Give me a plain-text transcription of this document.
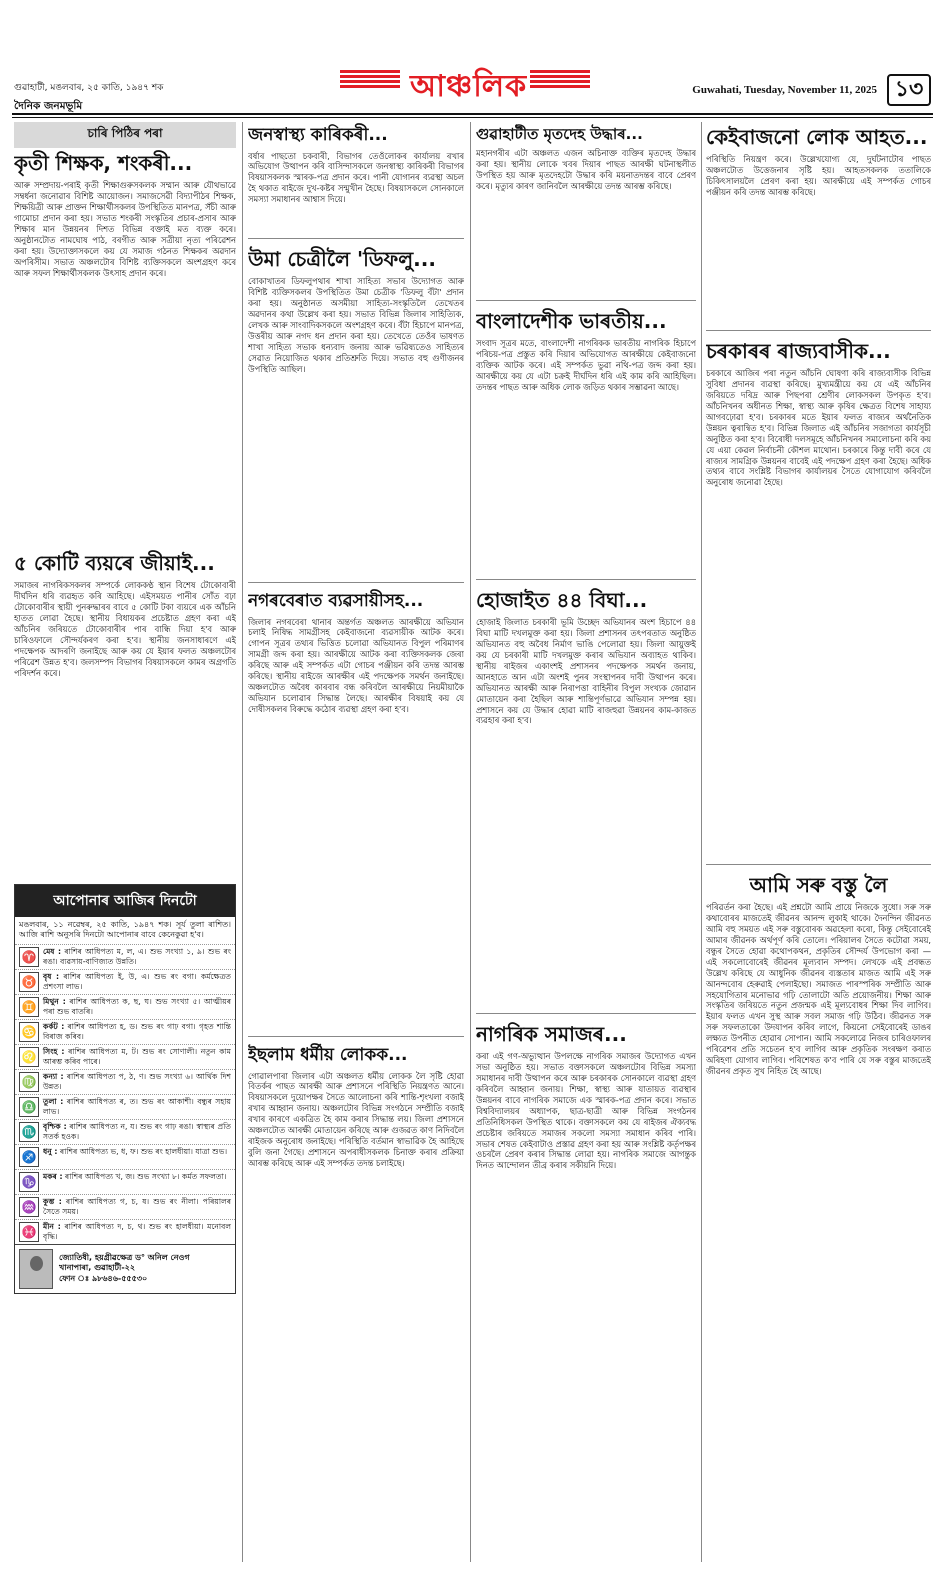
গুৱাহাটী, মঙলবাৰ, ২৫ কাতি, ১৯৪৭ শক
দৈনিক জনমভূমি
আঞ্চলিক	Guwahati, Tuesday, November 11, 2025 ১৩
চাৰি পিঠিৰ পৰা
কৃতী শিক্ষক, শংকৰী...
আৰু সম্প্ৰদায়-পৰাই কৃতী শিক্ষাগুৰুসকলক সম্মান আৰু যৌথভাৱে সম্বৰ্ধনা জনোৱাৰ বিশিষ্ট আয়োজন। সমাজসেৱী বিদ্যাপীঠৰ শিক্ষক, শিক্ষয়িত্ৰী আৰু প্ৰাক্তন শিক্ষাৰ্থীসকলৰ উপস্থিতিত মানপত্ৰ, সঁচী আৰু গামোচা প্ৰদান কৰা হয়। সভাত শংকৰী সংস্কৃতিৰ প্ৰচাৰ-প্ৰসাৰ আৰু শিক্ষাৰ মান উন্নয়নৰ দিশত বিভিন্ন বক্তাই মত ব্যক্ত কৰে। অনুষ্ঠানটোত নামঘোষ পাঠ, বৰগীত আৰু সত্ৰীয়া নৃত্য পৰিৱেশন কৰা হয়। উদ্যোক্তাসকলে কয় যে সমাজ গঠনত শিক্ষকৰ অৱদান অপৰিসীম। সভাত অঞ্চলটোৰ বিশিষ্ট ব্যক্তিসকলে অংশগ্ৰহণ কৰে আৰু সফল শিক্ষাৰ্থীসকলক উৎসাহ প্ৰদান কৰে।
৫ কোটি ব্যয়ৰে জীয়াই...
সমাজৰ নাগৰিকসকলৰ সম্পৰ্কে লোককণ্ঠ স্থান বিশেষ টোকোবাৰী দীৰ্ঘদিন ধৰি ব্যৱহৃত কৰি আহিছে। এইসময়ত পানীৰ সোঁত বঢ়া টোকোবাৰীৰ স্থায়ী পুনৰুদ্ধাৰৰ বাবে ৫ কোটি টকা ব্যয়ৰে এক আঁচনি হাতত লোৱা হৈছে। স্থানীয় বিধায়কৰ প্ৰচেষ্টাত গ্ৰহণ কৰা এই আঁচনিৰ জৰিয়তে টোকোবাৰীৰ পাৰ বান্ধি দিয়া হ'ব আৰু চাৰিওফালে সৌন্দৰ্যকৰণ কৰা হ'ব। স্থানীয় জনসাধাৰণে এই পদক্ষেপক আদৰণি জনাইছে আৰু কয় যে ইয়াৰ ফলত অঞ্চলটোৰ পৰিৱেশ উন্নত হ'ব। জলসম্পদ বিভাগৰ বিষয়াসকলে কামৰ অগ্ৰগতি পৰিদৰ্শন কৰে।
আপোনাৰ আজিৰ দিনটো
মঙলবাৰ, ১১ নৱেম্বৰ, ২৫ কাতি, ১৯৪৭ শক। সূৰ্য তুলা ৰাশিত। আজি ৰাশি অনুসৰি দিনটো আপোনাৰ বাবে কেনেকুৱা হ'ব।
♈ মেষ : ৰাশিৰ আধিপত্য ম, ল, এ। শুভ সংখ্যা ১, ৯। শুভ ৰং ৰঙা। ব্যৱসায়-বাণিজ্যত উন্নতি।
♉ বৃষ : ৰাশিৰ আধিপত্য ই, উ, এ। শুভ ৰং বগা। কৰ্মক্ষেত্ৰত প্ৰশংসা লাভ।
♊ মিথুন : ৰাশিৰ আধিপত্য ক, ছ, ঘ। শুভ সংখ্যা ৫। আত্মীয়ৰ পৰা শুভ বাতৰি।
♋ কৰ্কট : ৰাশিৰ আধিপত্য হ, ড। শুভ ৰং গাঢ় বগা। গৃহত শান্তি বিৰাজ কৰিব।
♌ সিংহ : ৰাশিৰ আধিপত্য ম, ট। শুভ ৰং সোণালী। নতুন কাম আৰম্ভ কৰিব পাৰে।
♍ কন্যা : ৰাশিৰ আধিপত্য প, ঠ, ণ। শুভ সংখ্যা ৬। আৰ্থিক দিশ উন্নত।
♎ তুলা : ৰাশিৰ আধিপত্য ৰ, ত। শুভ ৰং আকাশী। বন্ধুৰ সহায় লাভ।
♏ বৃশ্চিক : ৰাশিৰ আধিপত্য ন, য। শুভ ৰং গাঢ় ৰঙা। স্বাস্থ্যৰ প্ৰতি সতৰ্ক হওক।
♐ ধনু : ৰাশিৰ আধিপত্য ভ, ধ, ফ। শুভ ৰং হালধীয়া। যাত্ৰা শুভ।
♑ মকৰ : ৰাশিৰ আধিপত্য খ, জ। শুভ সংখ্যা ৮। কৰ্মত সফলতা।
♒ কুম্ভ : ৰাশিৰ আধিপত্য গ, চ, ষ। শুভ ৰং নীলা। পৰিয়ালৰ সৈতে সময়।
♓ মীন : ৰাশিৰ আধিপত্য দ, চ, থ। শুভ ৰং হালধীয়া। মনোবল বৃদ্ধি।
জ্যোতিষী, হয়গ্ৰীৱক্ষেত্ৰ ড° অনিল নেওগ
খানাপাৰা, গুৱাহাটী-২২
ফোন ঃ ৯৮৬৪৬-৫৫৫৩০
জনস্বাস্থ্য কাৰিকৰী...
বৰ্ষাৰ পাছতো চকবাৰী, বিভাগৰ তেওঁলোকৰ কাৰ্যালয় ৰখাৰ অভিযোগ উত্থাপন কৰি বাসিন্দাসকলে জনস্বাস্থ্য কাৰিকৰী বিভাগৰ বিষয়াসকলক স্মাৰক-পত্ৰ প্ৰদান কৰে। পানী যোগানৰ ব্যৱস্থা অচল হৈ থকাত ৰাইজে দুখ-কষ্টৰ সন্মুখীন হৈছে। বিষয়াসকলে সোনকালে সমস্যা সমাধানৰ আশ্বাস দিয়ে।
উমা চেত্ৰীলৈ 'ডিফলু...
বোকাখাতৰ ডিফলুপথাৰ শাখা সাহিত্য সভাৰ উদ্যোগত আৰু বিশিষ্ট ব্যক্তিসকলৰ উপস্থিতিত উমা চেত্ৰীক 'ডিফলু বঁটা' প্ৰদান কৰা হয়। অনুষ্ঠানত অসমীয়া সাহিত্য-সংস্কৃতিলৈ তেখেতৰ অৱদানৰ কথা উল্লেখ কৰা হয়। সভাত বিভিন্ন জিলাৰ সাহিত্যিক, লেখক আৰু সাংবাদিকসকলে অংশগ্ৰহণ কৰে। বঁটা হিচাপে মানপত্ৰ, উত্তৰীয় আৰু নগদ ধন প্ৰদান কৰা হয়। তেখেতে তেওঁৰ ভাষণত শাখা সাহিত্য সভাক ধন্যবাদ জনায় আৰু ভৱিষ্যতেও সাহিত্যৰ সেৱাত নিয়োজিত থকাৰ প্ৰতিশ্ৰুতি দিয়ে। সভাত বহু গুণীজনৰ উপস্থিতি আছিল।
নগৰবেৰাত ব্যৱসায়ীসহ...
জিলাৰ নগৰবেৰা থানাৰ অন্তৰ্গত অঞ্চলত আৰক্ষীয়ে অভিযান চলাই নিষিদ্ধ সামগ্ৰীসহ কেইবাজনো ব্যৱসায়ীক আটক কৰে। গোপন সূত্ৰৰ তথ্যৰ ভিত্তিত চলোৱা অভিযানত বিপুল পৰিমাণৰ সামগ্ৰী জব্দ কৰা হয়। আৰক্ষীয়ে আটক কৰা ব্যক্তিসকলক জেৰা কৰিছে আৰু এই সম্পৰ্কত এটা গোচৰ পঞ্জীয়ন কৰি তদন্ত আৰম্ভ কৰিছে। স্থানীয় ৰাইজে আৰক্ষীৰ এই পদক্ষেপক সমৰ্থন জনাইছে। অঞ্চলটোত অবৈধ কাৰবাৰ বন্ধ কৰিবলৈ আৰক্ষীয়ে নিয়মীয়াকৈ অভিযান চলোৱাৰ সিদ্ধান্ত লৈছে। আৰক্ষীৰ বিষয়াই কয় যে দোষীসকলৰ বিৰুদ্ধে কঠোৰ ব্যৱস্থা গ্ৰহণ কৰা হ'ব।
ইছলাম ধৰ্মীয় লোকক...
গোৱালপাৰা জিলাৰ এটা অঞ্চলত ধৰ্মীয় লোকক লৈ সৃষ্টি হোৱা বিতৰ্কৰ পাছত আৰক্ষী আৰু প্ৰশাসনে পৰিস্থিতি নিয়ন্ত্ৰণত আনে। বিষয়াসকলে দুয়োপক্ষৰ সৈতে আলোচনা কৰি শান্তি-শৃংখলা বজাই ৰখাৰ আহ্বান জনায়। অঞ্চলটোৰ বিভিন্ন সংগঠনে সম্প্ৰীতি বজাই ৰখাৰ কাৰণে একত্ৰিত হৈ কাম কৰাৰ সিদ্ধান্ত লয়। জিলা প্ৰশাসনে অঞ্চলটোত আৰক্ষী মোতায়েন কৰিছে আৰু গুজৱত কাণ নিদিবলৈ ৰাইজক অনুৰোধ জনাইছে। পৰিস্থিতি বৰ্তমান স্বাভাৱিক হৈ আহিছে বুলি জনা গৈছে। প্ৰশাসনে অপৰাধীসকলক চিনাক্ত কৰাৰ প্ৰক্ৰিয়া আৰম্ভ কৰিছে আৰু এই সম্পৰ্কত তদন্ত চলাইছে।
গুৱাহাটীত মৃতদেহ উদ্ধাৰ...
মহানগৰীৰ এটা অঞ্চলত এজন অচিনাক্ত ব্যক্তিৰ মৃতদেহ উদ্ধাৰ কৰা হয়। স্থানীয় লোকে খবৰ দিয়াৰ পাছত আৰক্ষী ঘটনাস্থলীত উপস্থিত হয় আৰু মৃতদেহটো উদ্ধাৰ কৰি ময়নাতদন্তৰ বাবে প্ৰেৰণ কৰে। মৃত্যুৰ কাৰণ জানিবলৈ আৰক্ষীয়ে তদন্ত আৰম্ভ কৰিছে।
বাংলাদেশীক ভাৰতীয়...
সংবাদ সূত্ৰৰ মতে, বাংলাদেশী নাগৰিকক ভাৰতীয় নাগৰিক হিচাপে পৰিচয়-পত্ৰ প্ৰস্তুত কৰি দিয়াৰ অভিযোগত আৰক্ষীয়ে কেইবাজনো ব্যক্তিক আটক কৰে। এই সম্পৰ্কত ভুৱা নথি-পত্ৰ জব্দ কৰা হয়। আৰক্ষীয়ে কয় যে এটা চক্ৰই দীৰ্ঘদিন ধৰি এই কাম কৰি আহিছিল। তদন্তৰ পাছত আৰু অধিক লোক জড়িত থকাৰ সম্ভাৱনা আছে।
হোজাইত ৪৪ বিঘা...
হোজাই জিলাত চৰকাৰী ভূমি উচ্ছেদ অভিযানৰ অংশ হিচাপে ৪৪ বিঘা মাটি দখলমুক্ত কৰা হয়। জিলা প্ৰশাসনৰ তৎপৰতাত অনুষ্ঠিত অভিযানত বহু অবৈধ নিৰ্মাণ ভাঙি পেলোৱা হয়। জিলা আয়ুক্তই কয় যে চৰকাৰী মাটি দখলমুক্ত কৰাৰ অভিযান অব্যাহত থাকিব। স্থানীয় ৰাইজৰ একাংশই প্ৰশাসনৰ পদক্ষেপক সমৰ্থন জনায়, আনহাতে আন এটা অংশই পুনৰ সংস্থাপনৰ দাবী উত্থাপন কৰে। অভিযানত আৰক্ষী আৰু নিৰাপত্তা বাহিনীৰ বিপুল সংখ্যক জোৱান মোতায়েন কৰা হৈছিল আৰু শান্তিপূৰ্ণভাৱে অভিযান সম্পন্ন হয়। প্ৰশাসনে কয় যে উদ্ধাৰ হোৱা মাটি ৰাজহুৱা উন্নয়নৰ কাম-কাজত ব্যৱহাৰ কৰা হ'ব।
নাগৰিক সমাজৰ...
কৰা এই গণ-অভ্যুত্থান উপলক্ষে নাগৰিক সমাজৰ উদ্যোগত এখন সভা অনুষ্ঠিত হয়। সভাত বক্তাসকলে অঞ্চলটোৰ বিভিন্ন সমস্যা সমাধানৰ দাবী উত্থাপন কৰে আৰু চৰকাৰক সোনকালে ব্যৱস্থা গ্ৰহণ কৰিবলৈ আহ্বান জনায়। শিক্ষা, স্বাস্থ্য আৰু যাতায়ত ব্যৱস্থাৰ উন্নয়নৰ বাবে নাগৰিক সমাজে এক স্মাৰক-পত্ৰ প্ৰদান কৰে। সভাত বিশ্ববিদ্যালয়ৰ অধ্যাপক, ছাত্ৰ-ছাত্ৰী আৰু বিভিন্ন সংগঠনৰ প্ৰতিনিধিসকল উপস্থিত থাকে। বক্তাসকলে কয় যে ৰাইজৰ ঐক্যবদ্ধ প্ৰচেষ্টাৰ জৰিয়তে সমাজৰ সকলো সমস্যা সমাধান কৰিব পাৰি। সভাৰ শেষত কেইবাটাও প্ৰস্তাৱ গ্ৰহণ কৰা হয় আৰু সংশ্লিষ্ট কৰ্তৃপক্ষৰ ওচৰলৈ প্ৰেৰণ কৰাৰ সিদ্ধান্ত লোৱা হয়। নাগৰিক সমাজে আগন্তুক দিনত আন্দোলন তীব্ৰ কৰাৰ সকীয়নি দিয়ে।
কেইবাজনো লোক আহত...
পৰিস্থিতি নিয়ন্ত্ৰণ কৰে। উল্লেখযোগ্য যে, দুৰ্ঘটনাটোৰ পাছত অঞ্চলটোত উত্তেজনাৰ সৃষ্টি হয়। আহতসকলক ততালিকে চিকিৎসালয়লৈ প্ৰেৰণ কৰা হয়। আৰক্ষীয়ে এই সম্পৰ্কত গোচৰ পঞ্জীয়ন কৰি তদন্ত আৰম্ভ কৰিছে।
চৰকাৰৰ ৰাজ্যবাসীক...
চৰকাৰে আজিৰ পৰা নতুন আঁচনি ঘোষণা কৰি ৰাজ্যবাসীক বিভিন্ন সুবিধা প্ৰদানৰ ব্যৱস্থা কৰিছে। মুখ্যমন্ত্ৰীয়ে কয় যে এই আঁচনিৰ জৰিয়তে দৰিদ্ৰ আৰু পিছপৰা শ্ৰেণীৰ লোকসকল উপকৃত হ'ব। আঁচনিখনৰ অধীনত শিক্ষা, স্বাস্থ্য আৰু কৃষিৰ ক্ষেত্ৰত বিশেষ সাহায্য আগবঢ়োৱা হ'ব। চৰকাৰৰ মতে ইয়াৰ ফলত ৰাজ্যৰ অৰ্থনৈতিক উন্নয়ন ত্বৰান্বিত হ'ব। বিভিন্ন জিলাত এই আঁচনিৰ সজাগতা কাৰ্যসূচী অনুষ্ঠিত কৰা হ'ব। বিৰোধী দলসমূহে আঁচনিখনৰ সমালোচনা কৰি কয় যে এয়া কেৱল নিৰ্বাচনী কৌশল মাথোন। চৰকাৰে কিন্তু দাবী কৰে যে ৰাজ্যৰ সামগ্ৰিক উন্নয়নৰ বাবেই এই পদক্ষেপ গ্ৰহণ কৰা হৈছে। অধিক তথ্যৰ বাবে সংশ্লিষ্ট বিভাগৰ কাৰ্যালয়ৰ সৈতে যোগাযোগ কৰিবলৈ অনুৰোধ জনোৱা হৈছে।
আমি সৰু বস্তু লৈ
পৰিৱৰ্তন কৰা হৈছে। এই প্ৰশ্নটো আমি প্ৰায়ে নিজকে সুধো। সৰু সৰু কথাবোৰৰ মাজতেই জীৱনৰ আনন্দ লুকাই থাকে। দৈনন্দিন জীৱনত আমি বহু সময়ত এই সৰু বস্তুবোৰক অৱহেলা কৰো, কিন্তু সেইবোৰেই আমাৰ জীৱনক অৰ্থপূৰ্ণ কৰি তোলে। পৰিয়ালৰ সৈতে কটোৱা সময়, বন্ধুৰ সৈতে হোৱা কথোপকথন, প্ৰকৃতিৰ সৌন্দৰ্য উপভোগ কৰা — এই সকলোবোৰেই জীৱনৰ মূল্যবান সম্পদ। লেখকে এই প্ৰবন্ধত উল্লেখ কৰিছে যে আধুনিক জীৱনৰ ব্যস্ততাৰ মাজত আমি এই সৰু আনন্দবোৰ হেৰুৱাই পেলাইছো। সমাজত পাৰস্পৰিক সম্প্ৰীতি আৰু সহযোগিতাৰ মনোভাৱ গঢ়ি তোলাটো অতি প্ৰয়োজনীয়। শিক্ষা আৰু সংস্কৃতিৰ জৰিয়তে নতুন প্ৰজন্মক এই মূল্যবোধৰ শিক্ষা দিব লাগিব। ইয়াৰ ফলত এখন সুস্থ আৰু সবল সমাজ গঢ়ি উঠিব। জীৱনত সৰু সৰু সফলতাকো উদযাপন কৰিব লাগে, কিয়নো সেইবোৰেই ডাঙৰ লক্ষ্যত উপনীত হোৱাৰ সোপান। আমি সকলোৱে নিজৰ চাৰিওফালৰ পৰিৱেশৰ প্ৰতি সচেতন হ'ব লাগিব আৰু প্ৰকৃতিক সংৰক্ষণ কৰাত অৰিহণা যোগাব লাগিব। পৰিশেষত ক'ব পাৰি যে সৰু বস্তুৰ মাজতেই জীৱনৰ প্ৰকৃত সুখ নিহিত হৈ আছে।
